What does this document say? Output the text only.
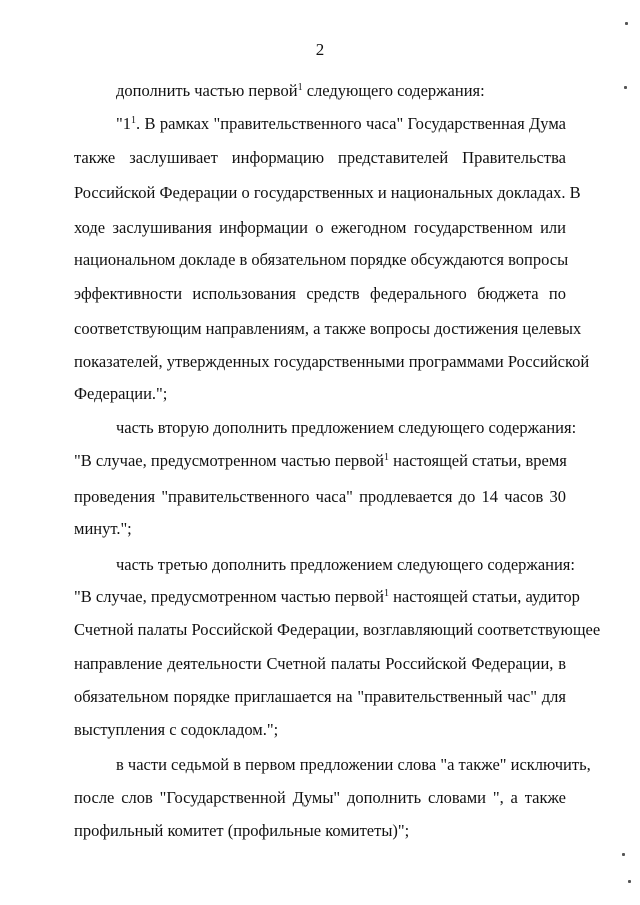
2
дополнить частью первой$^1$ следующего содержания:
"$1^1$. В рамках "правительственного часа" Государственная Дума
также заслушивает информацию представителей Правительства
Российской Федерации о государственных и национальных докладах. В
ходе заслушивания информации о ежегодном государственном или
национальном докладе в обязательном порядке обсуждаются вопросы
эффективности использования средств федерального бюджета по
соответствующим направлениям, а также вопросы достижения целевых
показателей, утвержденных государственными программами Российской
Федерации.";
часть вторую дополнить предложением следующего содержания:
"В случае, предусмотренном частью первой$^1$ настоящей статьи, время
проведения "правительственного часа" продлевается до 14 часов 30
минут.";
часть третью дополнить предложением следующего содержания:
"В случае, предусмотренном частью первой$^1$ настоящей статьи, аудитор
Счетной палаты Российской Федерации, возглавляющий соответствующее
направление деятельности Счетной палаты Российской Федерации, в
обязательном порядке приглашается на "правительственный час" для
выступления с содокладом.";
в части седьмой в первом предложении слова "а также" исключить,
после слов "Государственной Думы" дополнить словами ", а также
профильный комитет (профильные комитеты)";
